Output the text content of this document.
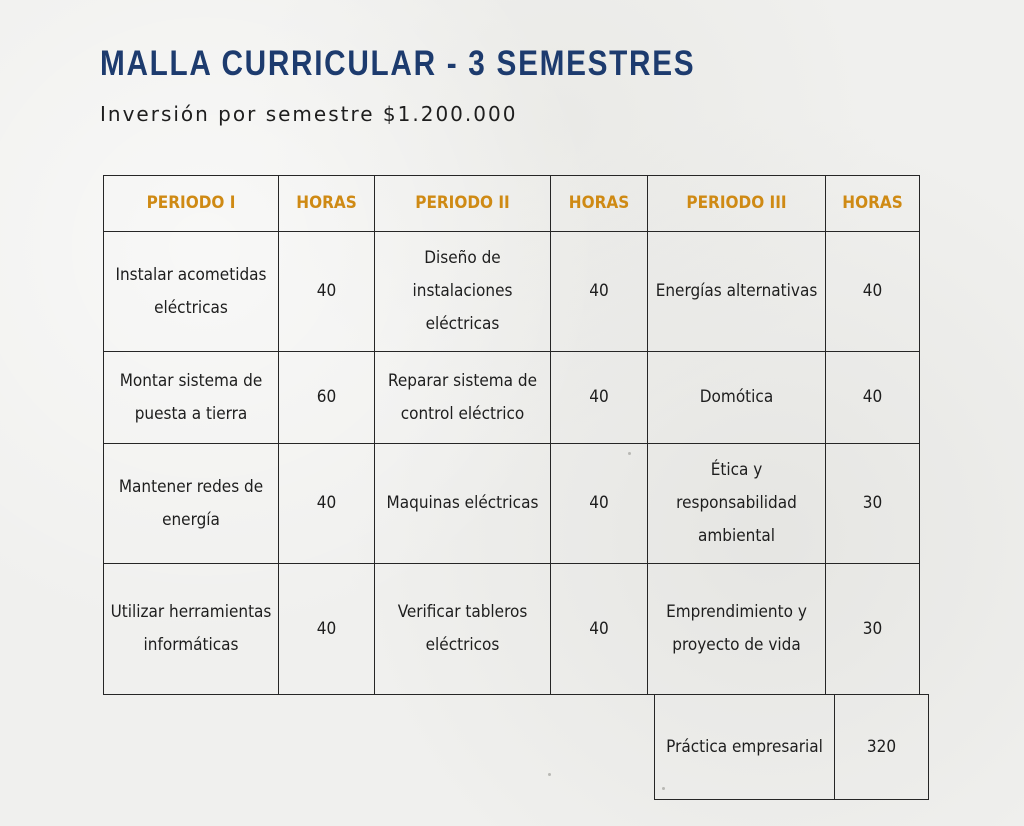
MALLA CURRICULAR - 3 SEMESTRES

Inversión por semestre $1.200.000

PERIODO I	HORAS	PERIODO II	HORAS	PERIODO III	HORAS
Instalar acometidas eléctricas	40	Diseño de instalaciones eléctricas	40	Energías alternativas	40
Montar sistema de puesta a tierra	60	Reparar sistema de control eléctrico	40	Domótica	40
Mantener redes de energía	40	Maquinas eléctricas	40	Ética y responsabilidad ambiental	30
Utilizar herramientas informáticas	40	Verificar tableros eléctricos	40	Emprendimiento y proyecto de vida	30
Práctica empresarial	320
